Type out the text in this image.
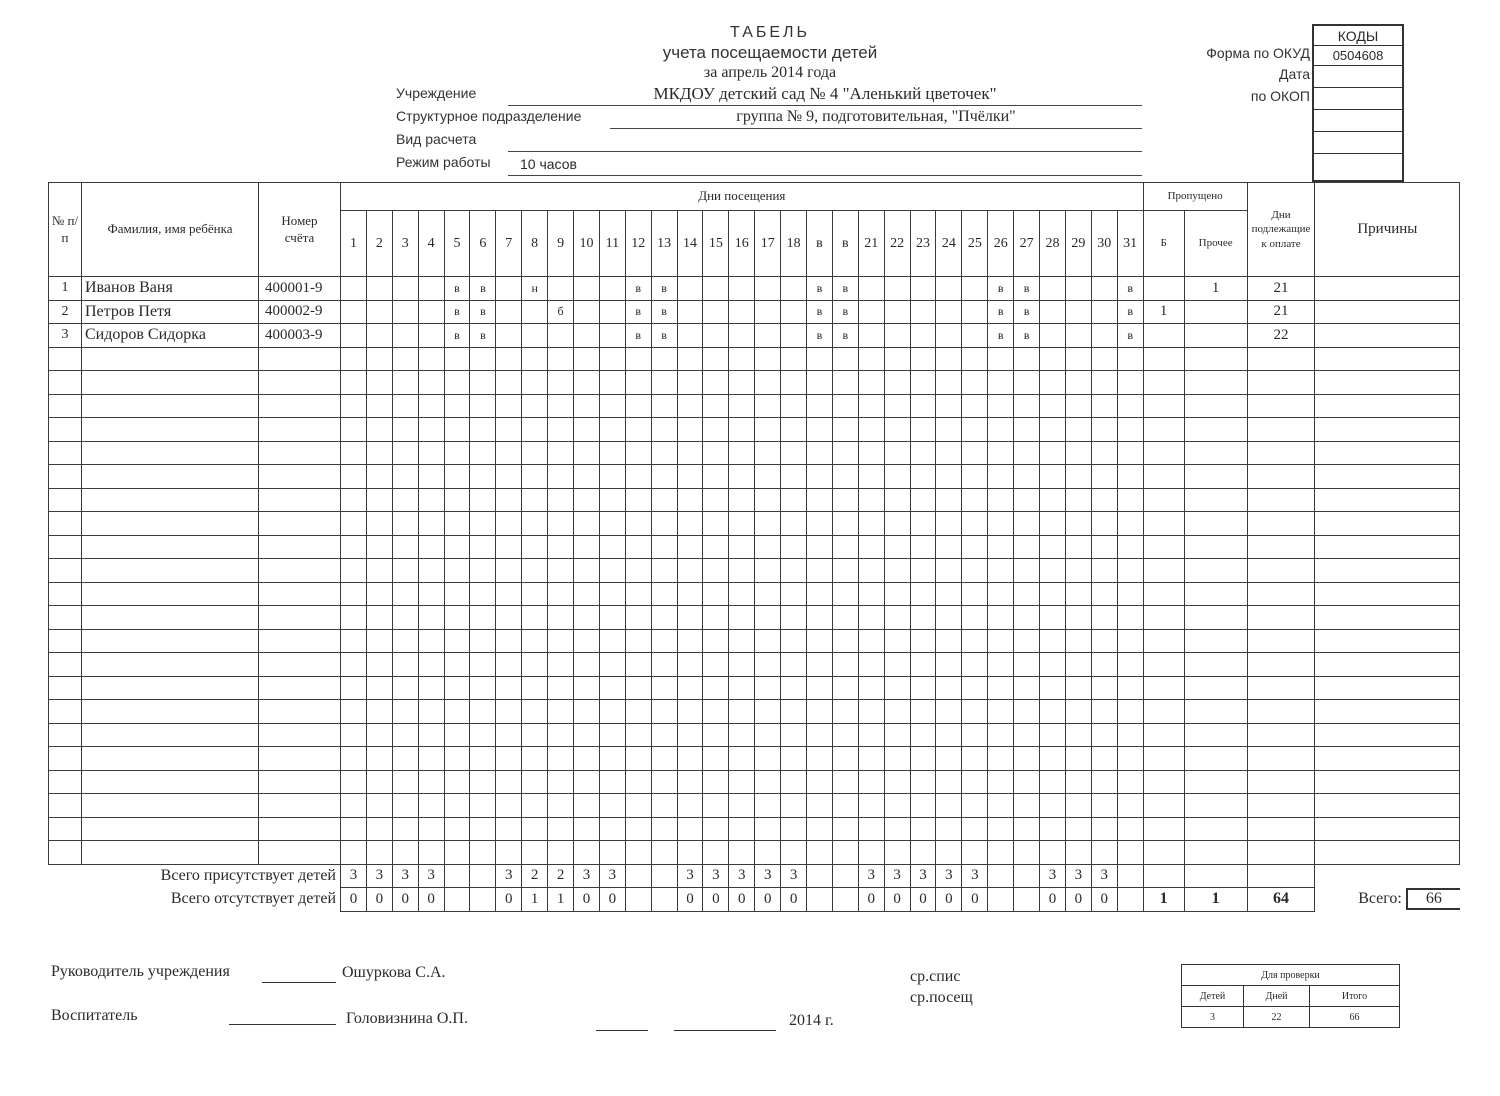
ТАБЕЛЬ
учета посещаемости детей
за апрель 2014 года
Учреждение	МКДОУ детский сад № 4 "Аленький цветочек"
Структурное подразделение	группа № 9, подготовительная, "Пчёлки"
Вид расчета
Режим работы	10 часов
Форма по ОКУД
Дата
по ОКОП
КОДЫ
0504608
№ п/п	Фамилия, имя ребёнка	Номер счёта	Дни посещения																															Пропущено		Дни подлежащие к оплате	Причины
			1	2	3	4	5	6	7	8	9	10	11	12	13	14	15	16	17	18	в	в	21	22	23	24	25	26	27	28	29	30	31	Б	Прочее		
1	Иванов Ваня	400001-9					в	в		н				в	в						в	в						в	в				в		1	21	
2	Петров Петя	400002-9					в	в			б			в	в						в	в						в	в				в	1		21	
3	Сидоров Сидорка	400003-9					в	в						в	в						в	в						в	в				в			22	

Всего присутствует детей			3	3	3	3			3	2	2	3	3			3	3	3	3	3			3	3	3	3	3			3	3	3					
Всего отсутствует детей			0	0	0	0			0	1	1	0	0			0	0	0	0	0			0	0	0	0	0			0	0	0		1	1	64	Всего: 66
Руководитель учреждения	Ошуркова С.А.
Воспитатель	Головизнина О.П.	2014 г.
ср.спис
ср.посещ
Для проверки		
Детей	Дней	Итого
3	22	66
